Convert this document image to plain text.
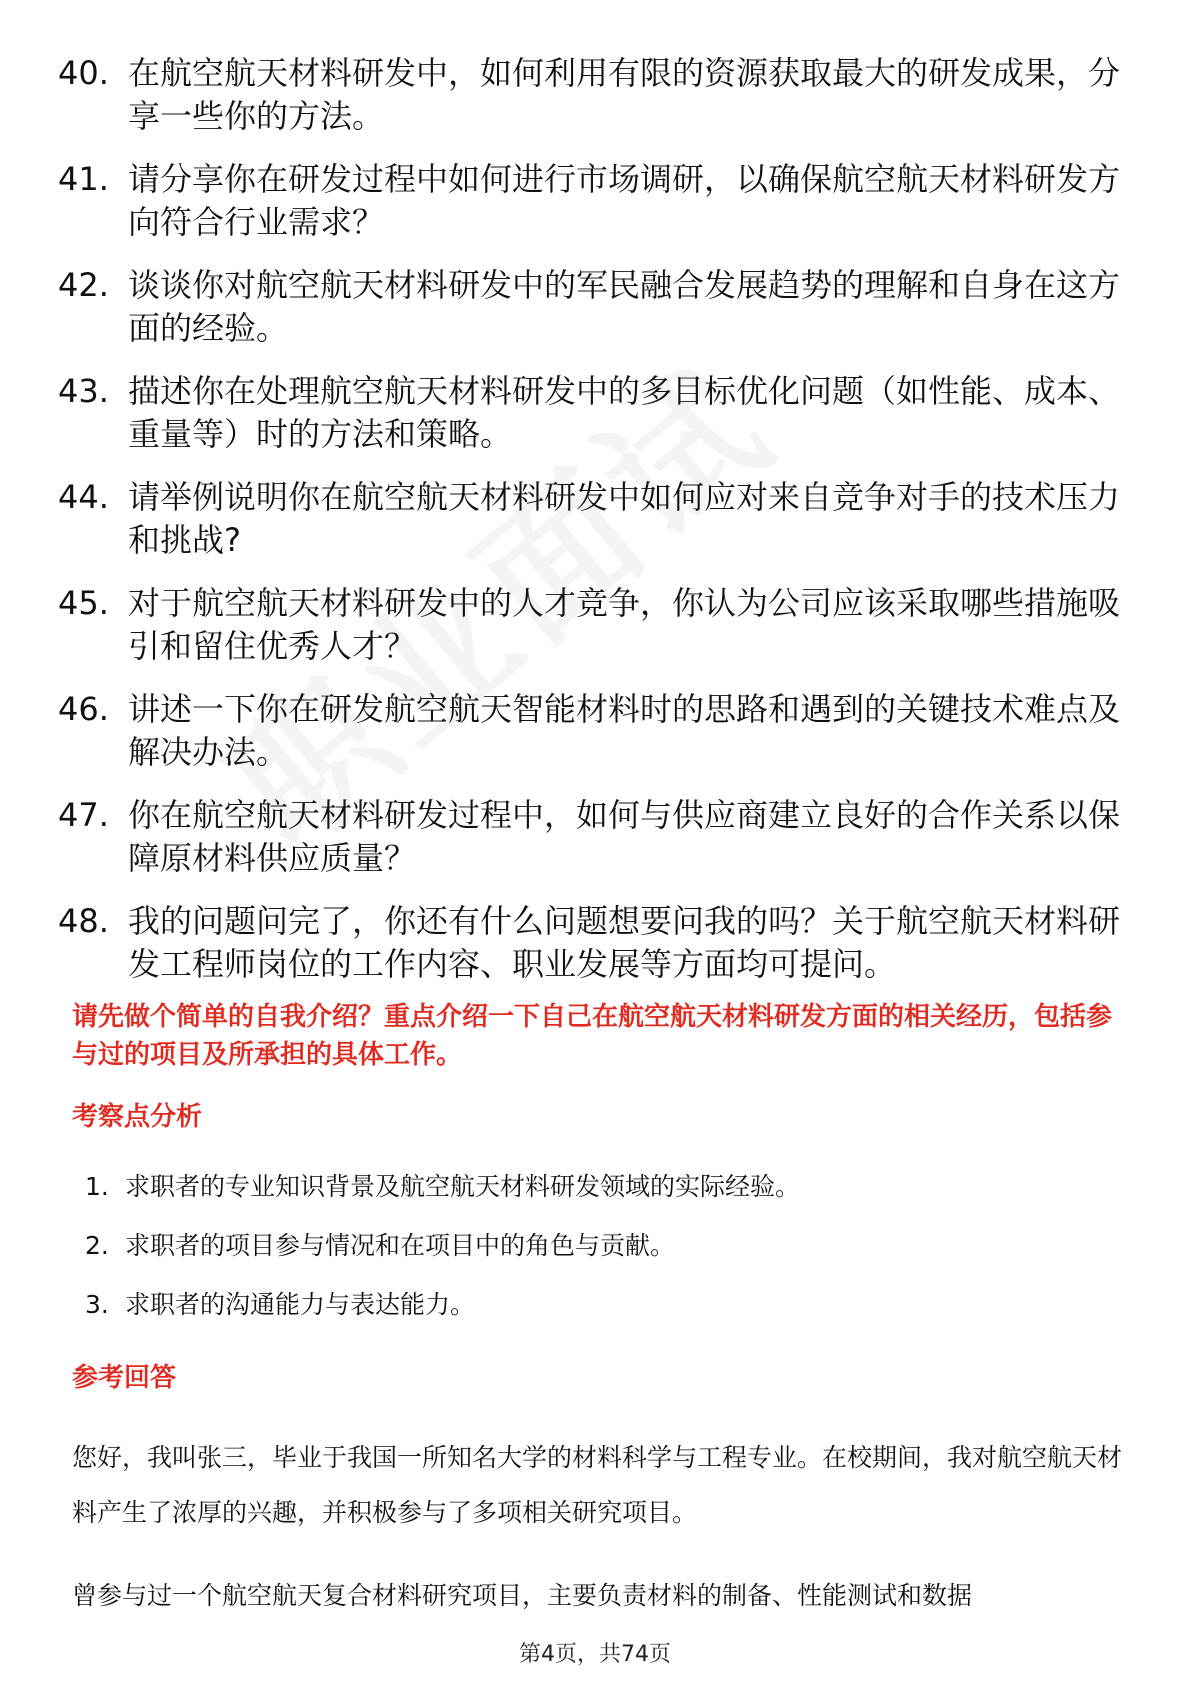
40. 在航空航天材料研发中，如何利用有限的资源获取最大的研发成果，分享一些你的方法。
41. 请分享你在研发过程中如何进行市场调研，以确保航空航天材料研发方向符合行业需求？
42. 谈谈你对航空航天材料研发中的军民融合发展趋势的理解和自身在这方面的经验。
43. 描述你在处理航空航天材料研发中的多目标优化问题（如性能、成本、重量等）时的方法和策略。
44. 请举例说明你在航空航天材料研发中如何应对来自竞争对手的技术压力和挑战?
45. 对于航空航天材料研发中的人才竞争，你认为公司应该采取哪些措施吸引和留住优秀人才？
46. 讲述一下你在研发航空航天智能材料时的思路和遇到的关键技术难点及解决办法。
47. 你在航空航天材料研发过程中，如何与供应商建立良好的合作关系以保障原材料供应质量？
48. 我的问题问完了，你还有什么问题想要问我的吗？关于航空航天材料研发工程师岗位的工作内容、职业发展等方面均可提问。

请先做个简单的自我介绍？重点介绍一下自己在航空航天材料研发方面的相关经历，包括参与过的项目及所承担的具体工作。

考察点分析
1. 求职者的专业知识背景及航空航天材料研发领域的实际经验。
2. 求职者的项目参与情况和在项目中的角色与贡献。
3. 求职者的沟通能力与表达能力。
参考回答

您好，我叫张三，毕业于我国一所知名大学的材料科学与工程专业。在校期间，我对航空航天材料产生了浓厚的兴趣，并积极参与了多项相关研究项目。

曾参与过一个航空航天复合材料研究项目，主要负责材料的制备、性能测试和数据

第4页，共74页
